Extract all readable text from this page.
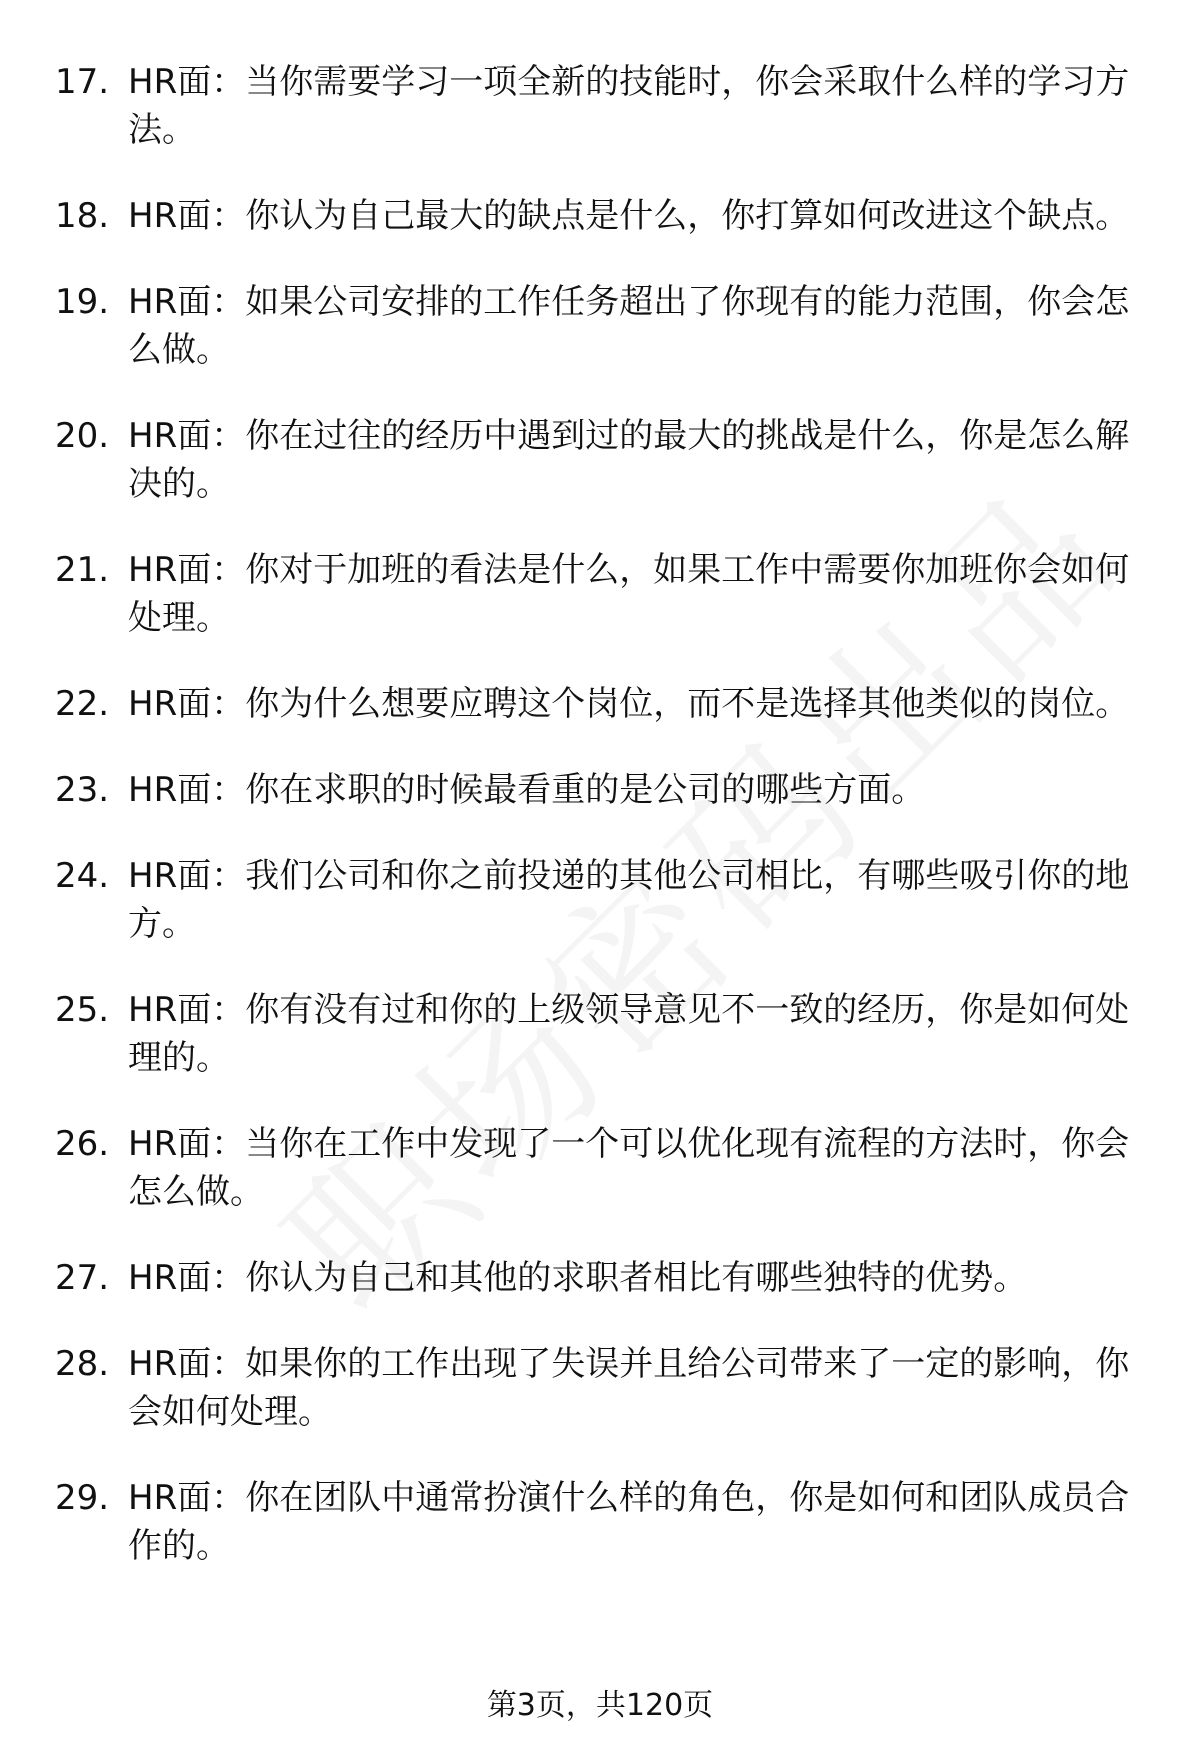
17. HR面：当你需要学习一项全新的技能时，你会采取什么样的学习方法。
18. HR面：你认为自己最大的缺点是什么，你打算如何改进这个缺点。
19. HR面：如果公司安排的工作任务超出了你现有的能力范围，你会怎么做。
20. HR面：你在过往的经历中遇到过的最大的挑战是什么，你是怎么解决的。
21. HR面：你对于加班的看法是什么，如果工作中需要你加班你会如何处理。
22. HR面：你为什么想要应聘这个岗位，而不是选择其他类似的岗位。
23. HR面：你在求职的时候最看重的是公司的哪些方面。
24. HR面：我们公司和你之前投递的其他公司相比，有哪些吸引你的地方。
25. HR面：你有没有过和你的上级领导意见不一致的经历，你是如何处理的。
26. HR面：当你在工作中发现了一个可以优化现有流程的方法时，你会怎么做。
27. HR面：你认为自己和其他的求职者相比有哪些独特的优势。
28. HR面：如果你的工作出现了失误并且给公司带来了一定的影响，你会如何处理。
29. HR面：你在团队中通常扮演什么样的角色，你是如何和团队成员合作的。
第3页，共120页
